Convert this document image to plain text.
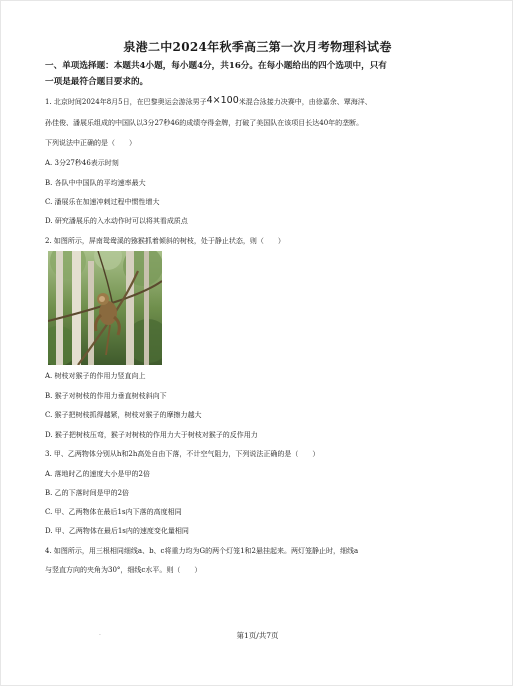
泉港二中2024年秋季高三第一次月考物理科试卷
一、单项选择题：本题共4小题，每小题4分，共16分。在每小题给出的四个选项中，只有
一项是最符合题目要求的。
1. 北京时间2024年8月5日，在巴黎奥运会游泳男子4×100米混合泳接力决赛中，由徐嘉余、覃海洋、
孙佳俊、潘展乐组成的中国队以3分27秒46的成绩夺得金牌，打破了美国队在该项目长达40年的垄断。
下列说法中正确的是（　　）
A. 3分27秒46表示时刻
B. 各队中中国队的平均速率最大
C. 潘展乐在加速冲刺过程中惯性增大
D. 研究潘展乐的入水动作时可以将其看成质点
2. 如图所示，屏南鸳鸯溪的猕猴抓着倾斜的树枝，处于静止状态，则（　　）
A. 树枝对猴子的作用力竖直向上
B. 猴子对树枝的作用力垂直树枝斜向下
C. 猴子把树枝抓得越紧，树枝对猴子的摩擦力越大
D. 猴子把树枝压弯，猴子对树枝的作用力大于树枝对猴子的反作用力
3. 甲、乙两物体分别从h和2h高处自由下落，不计空气阻力，下列说法正确的是（　　）
A. 落地时乙的速度大小是甲的2倍
B. 乙的下落时间是甲的2倍
C. 甲、乙两物体在最后1s内下落的高度相同
D. 甲、乙两物体在最后1s内的速度变化量相同
4. 如图所示，用三根相同细线a、b、c将重力均为G的两个灯笼1和2悬挂起来。两灯笼静止时，细线a
与竖直方向的夹角为30°，细线c水平。则（　　）
·	第1页/共7页
